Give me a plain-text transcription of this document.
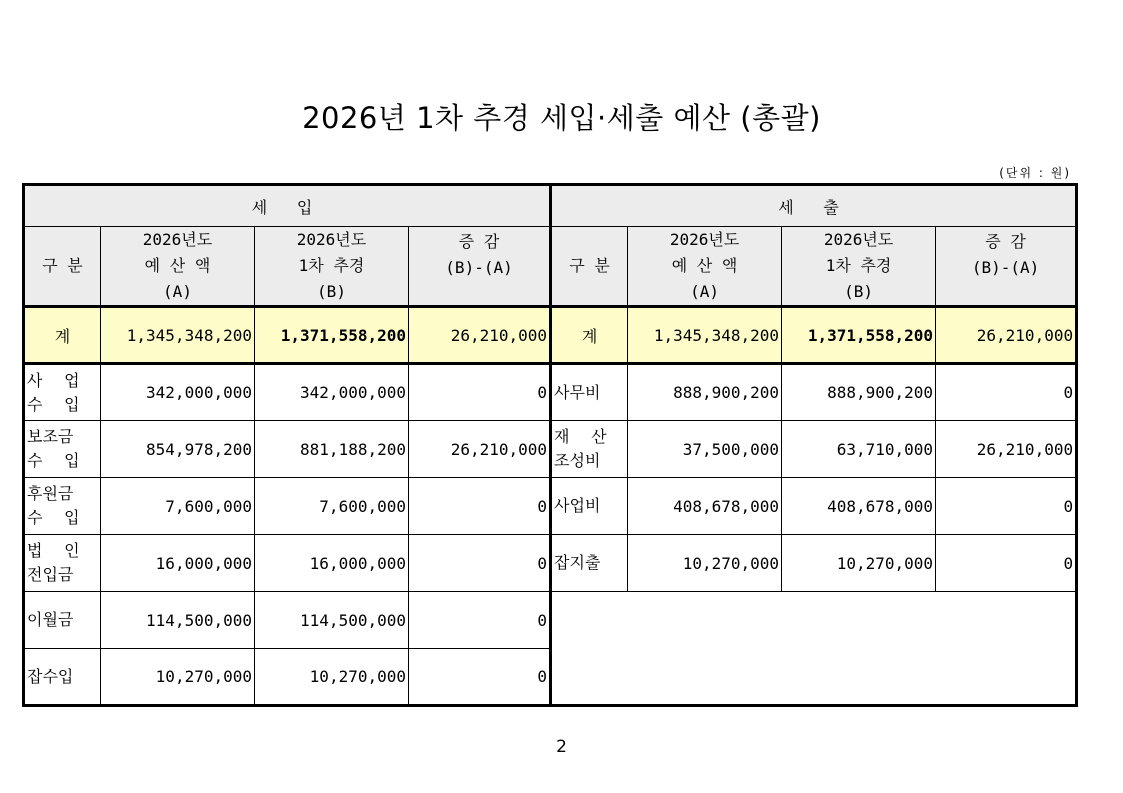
2026년 1차 추경 세입·세출 예산 (총괄)
(단위 : 원)
세 입				세 출			
구 분	2026년도
예 산 액
(A)	2026년도
1차 추경
(B)	증 감
(B)-(A)	구 분	2026년도
예 산 액
(A)	2026년도
1차 추경
(B)	증 감
(B)-(A)

계	1,345,348,200	1,371,558,200	26,210,000	계	1,345,348,200	1,371,558,200	26,210,000

사 업
수 입	342,000,000	342,000,000	0	사무비	888,900,200	888,900,200	0

보조금
수 입	854,978,200	881,188,200	26,210,000	재 산
조성비	37,500,000	63,710,000	26,210,000

후원금
수 입	7,600,000	7,600,000	0	사업비	408,678,000	408,678,000	0

법 인
전입금	16,000,000	16,000,000	0	잡지출	10,270,000	10,270,000	0
이월금	114,500,000	114,500,000	0				
잡수입	10,270,000	10,270,000	0				
2
